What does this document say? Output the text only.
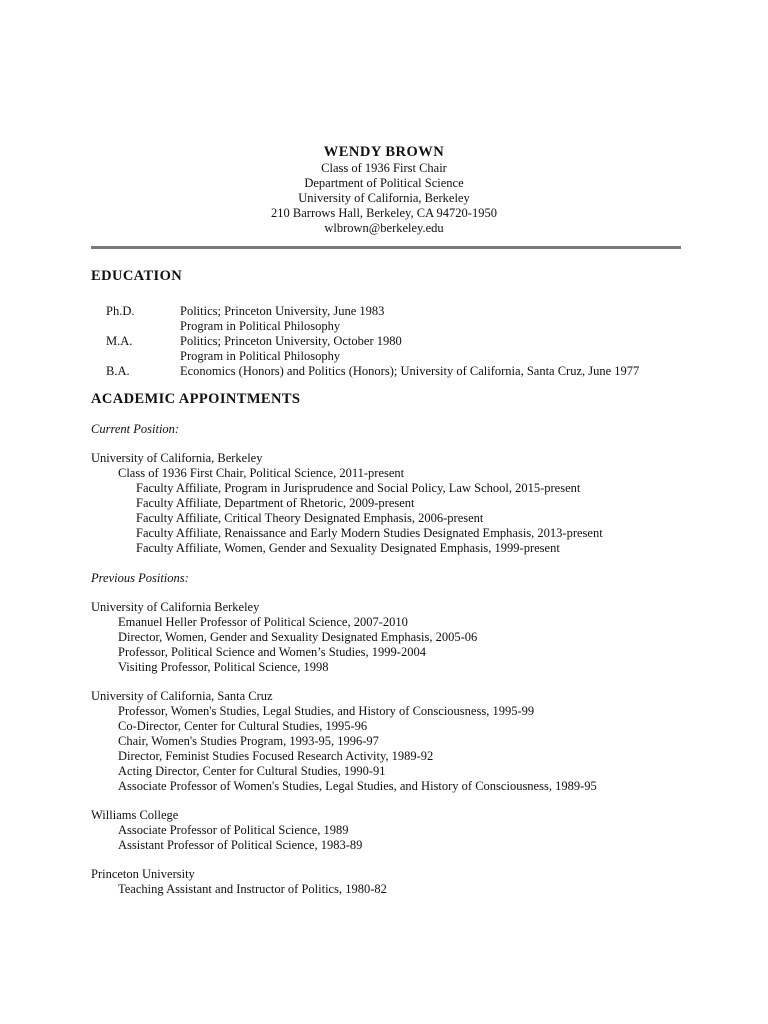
WENDY BROWN
Class of 1936 First Chair
Department of Political Science
University of California, Berkeley
210 Barrows Hall, Berkeley, CA 94720-1950
wlbrown@berkeley.edu
EDUCATION
Ph.D.	Politics; Princeton University, June 1983
Program in Political Philosophy
M.A.	Politics; Princeton University, October 1980
Program in Political Philosophy
B.A.	Economics (Honors) and Politics (Honors); University of California, Santa Cruz, June 1977
ACADEMIC APPOINTMENTS
Current Position:
University of California, Berkeley
Class of 1936 First Chair, Political Science, 2011-present
Faculty Affiliate, Program in Jurisprudence and Social Policy, Law School, 2015-present
Faculty Affiliate, Department of Rhetoric, 2009-present
Faculty Affiliate, Critical Theory Designated Emphasis, 2006-present
Faculty Affiliate, Renaissance and Early Modern Studies Designated Emphasis, 2013-present
Faculty Affiliate, Women, Gender and Sexuality Designated Emphasis, 1999-present
Previous Positions:
University of California Berkeley
Emanuel Heller Professor of Political Science, 2007-2010
Director, Women, Gender and Sexuality Designated Emphasis, 2005-06
Professor, Political Science and Women’s Studies, 1999-2004
Visiting Professor, Political Science, 1998
University of California, Santa Cruz
Professor, Women's Studies, Legal Studies, and History of Consciousness, 1995-99
Co-Director, Center for Cultural Studies, 1995-96
Chair, Women's Studies Program, 1993-95, 1996-97
Director, Feminist Studies Focused Research Activity, 1989-92
Acting Director, Center for Cultural Studies, 1990-91
Associate Professor of Women's Studies, Legal Studies, and History of Consciousness, 1989-95
Williams College
Associate Professor of Political Science, 1989
Assistant Professor of Political Science, 1983-89
Princeton University
Teaching Assistant and Instructor of Politics, 1980-82
